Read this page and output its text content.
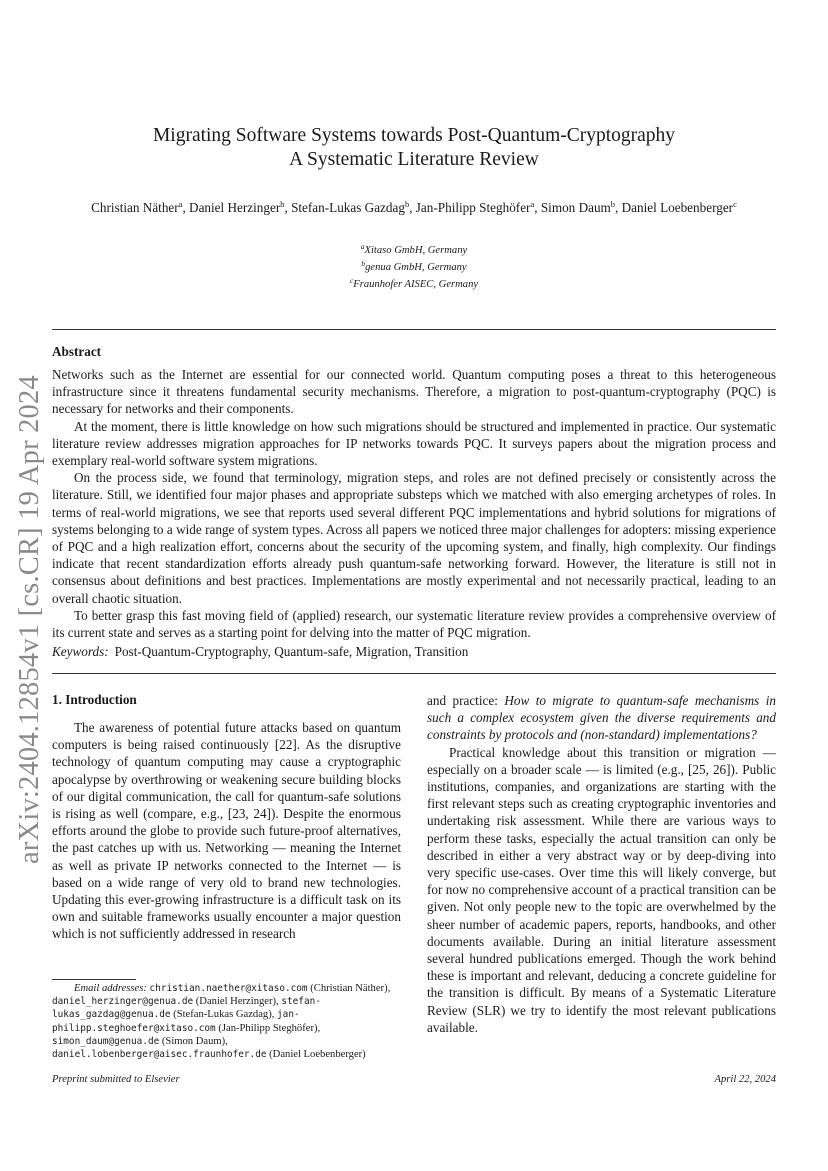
arXiv:2404.12854v1 [cs.CR] 19 Apr 2024
Migrating Software Systems towards Post-Quantum-Cryptography
A Systematic Literature Review
Christian Näther$^a$, Daniel Herzinger$^b$, Stefan-Lukas Gazdag$^b$, Jan-Philipp Steghöfer$^a$, Simon Daum$^b$, Daniel Loebenberger$^c$
$^a$Xitaso GmbH, Germany
$^b$genua GmbH, Germany
$^c$Fraunhofer AISEC, Germany
Abstract

Networks such as the Internet are essential for our connected world. Quantum computing poses a threat to this heterogeneous infrastructure since it threatens fundamental security mechanisms. Therefore, a migration to post-quantum-cryptography (PQC) is necessary for networks and their components.

At the moment, there is little knowledge on how such migrations should be structured and implemented in practice. Our systematic literature review addresses migration approaches for IP networks towards PQC. It surveys papers about the migration process and exemplary real-world software system migrations.

On the process side, we found that terminology, migration steps, and roles are not defined precisely or consistently across the literature. Still, we identified four major phases and appropriate substeps which we matched with also emerging archetypes of roles. In terms of real-world migrations, we see that reports used several different PQC implementations and hybrid solutions for migrations of systems belonging to a wide range of system types. Across all papers we noticed three major challenges for adopters: missing experience of PQC and a high realization effort, concerns about the security of the upcoming system, and finally, high complexity. Our findings indicate that recent standardization efforts already push quantum-safe networking forward. However, the literature is still not in consensus about definitions and best practices. Implementations are mostly experimental and not necessarily practical, leading to an overall chaotic situation.

To better grasp this fast moving field of (applied) research, our systematic literature review provides a comprehensive overview of its current state and serves as a starting point for delving into the matter of PQC migration.

Keywords: Post-Quantum-Cryptography, Quantum-safe, Migration, Transition
1. Introduction
The awareness of potential future attacks based on quantum computers is being raised continuously [22]. As the disruptive technology of quantum computing may cause a cryptographic apocalypse by overthrowing or weakening secure building blocks of our digital communication, the call for quantum-safe solutions is rising as well (compare, e.g., [23, 24]). Despite the enormous efforts around the globe to provide such future-proof alternatives, the past catches up with us. Networking — meaning the Internet as well as private IP networks connected to the Internet — is based on a wide range of very old to brand new technologies. Updating this ever-growing infrastructure is a difficult task on its own and suitable frameworks usually encounter a major question which is not sufficiently addressed in research

and practice: How to migrate to quantum-safe mechanisms in such a complex ecosystem given the diverse requirements and constraints by protocols and (non-standard) implementations?

Practical knowledge about this transition or migration — especially on a broader scale — is limited (e.g., [25, 26]). Public institutions, companies, and organizations are starting with the first relevant steps such as creating cryptographic inventories and undertaking risk assessment. While there are various ways to perform these tasks, especially the actual transition can only be described in either a very abstract way or by deep-diving into very specific use-cases. Over time this will likely converge, but for now no comprehensive account of a practical transition can be given. Not only people new to the topic are overwhelmed by the sheer number of academic papers, reports, handbooks, and other documents available. During an initial literature assessment several hundred publications emerged. Though the work behind these is important and relevant, deducing a concrete guideline for the transition is difficult. By means of a Systematic Literature Review (SLR) we try to identify the most relevant publications available.

Email addresses: christian.naether@xitaso.com (Christian Näther), daniel_herzinger@genua.de (Daniel Herzinger), stefan-lukas_gazdag@genua.de (Stefan-Lukas Gazdag), jan-philipp.steghoefer@xitaso.com (Jan-Philipp Steghöfer), simon_daum@genua.de (Simon Daum), daniel.lobenberger@aisec.fraunhofer.de (Daniel Loebenberger)
Preprint submitted to Elsevier	April 22, 2024
